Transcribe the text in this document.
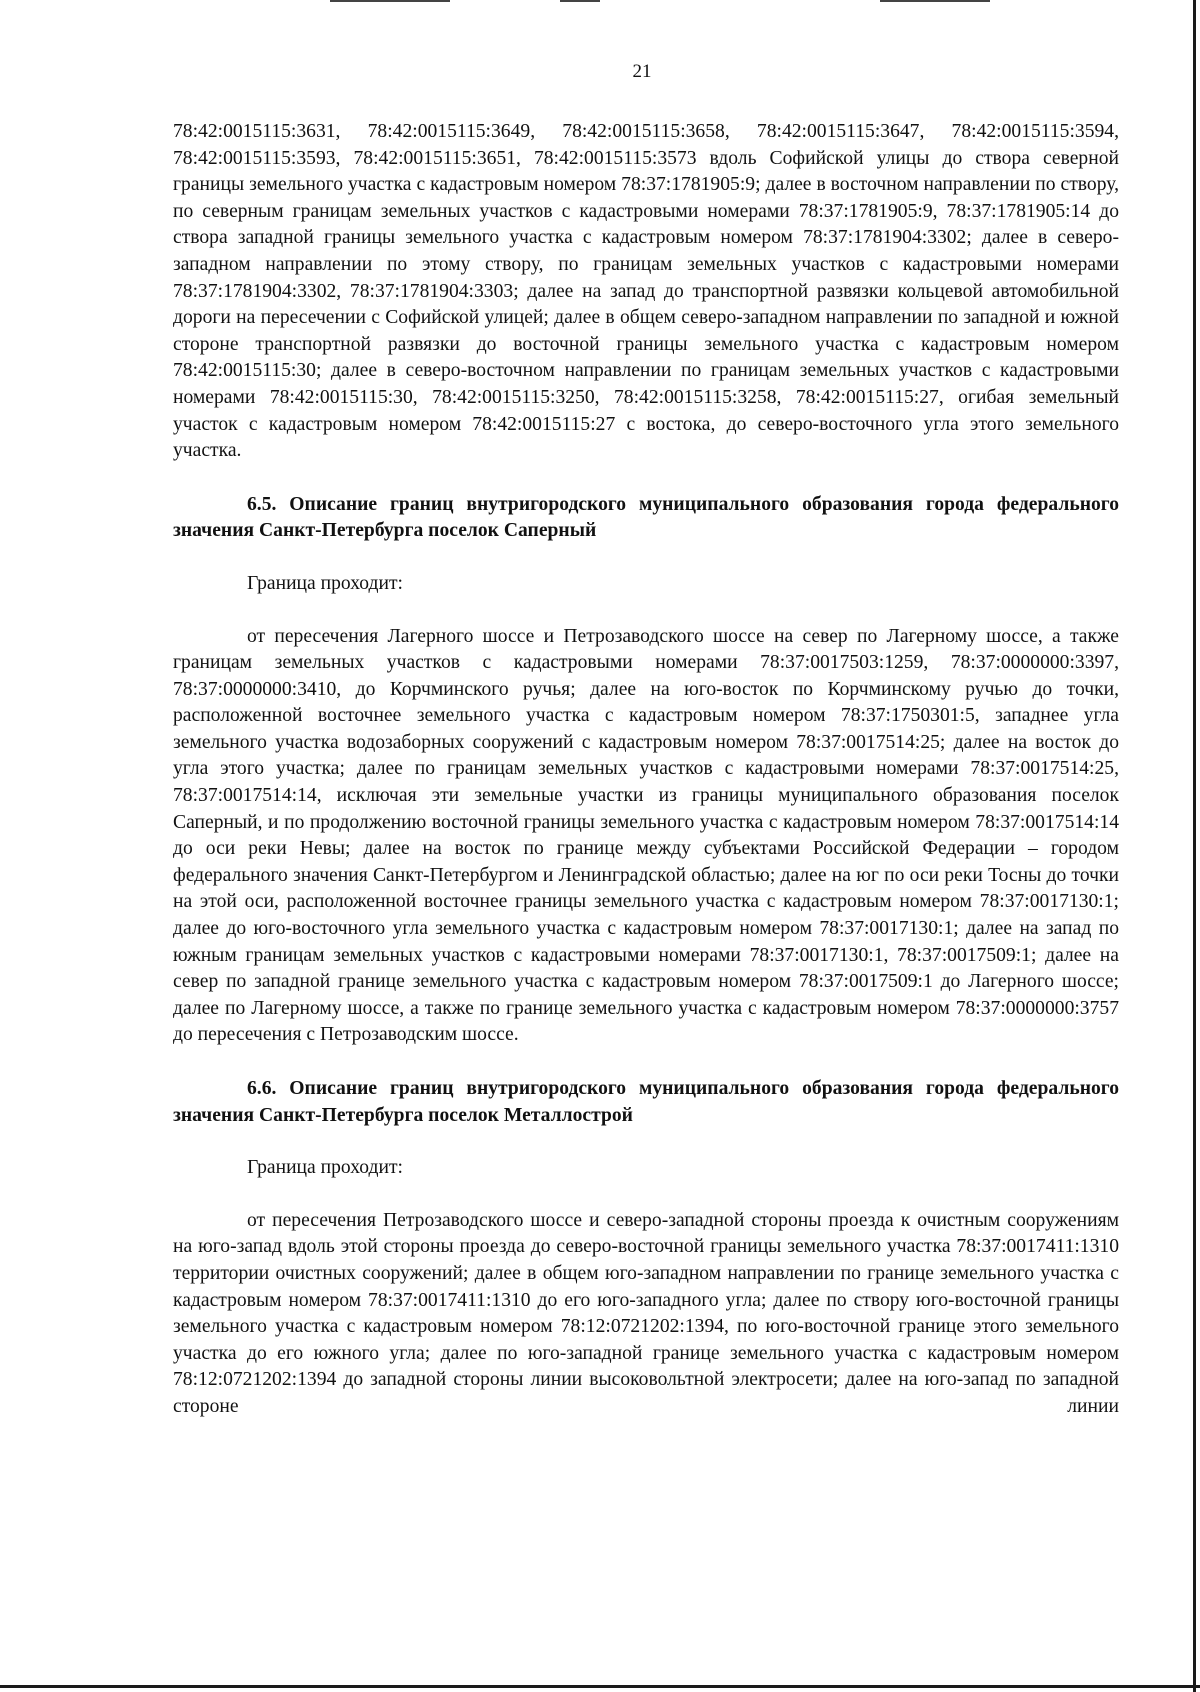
21

78:42:0015115:3631, 78:42:0015115:3649, 78:42:0015115:3658, 78:42:0015115:3647, 78:42:0015115:3594, 78:42:0015115:3593, 78:42:0015115:3651, 78:42:0015115:3573 вдоль Софийской улицы до створа северной границы земельного участка с кадастровым номером 78:37:1781905:9; далее в восточном направлении по створу, по северным границам земельных участков с кадастровыми номерами 78:37:1781905:9, 78:37:1781905:14 до створа западной границы земельного участка с кадастровым номером 78:37:1781904:3302; далее в северо-западном направлении по этому створу, по границам земельных участков с кадастровыми номерами 78:37:1781904:3302, 78:37:1781904:3303; далее на запад до транспортной развязки кольцевой автомобильной дороги на пересечении с Софийской улицей; далее в общем северо-западном направлении по западной и южной стороне транспортной развязки до восточной границы земельного участка с кадастровым номером 78:42:0015115:30; далее в северо-восточном направлении по границам земельных участков с кадастровыми номерами 78:42:0015115:30, 78:42:0015115:3250, 78:42:0015115:3258, 78:42:0015115:27, огибая земельный участок с кадастровым номером 78:42:0015115:27 с востока, до северо-восточного угла этого земельного участка.

6.5. Описание границ внутригородского муниципального образования города федерального значения Санкт-Петербурга поселок Саперный

Граница проходит:

от пересечения Лагерного шоссе и Петрозаводского шоссе на север по Лагерному шоссе, а также границам земельных участков с кадастровыми номерами 78:37:0017503:1259, 78:37:0000000:3397, 78:37:0000000:3410, до Корчминского ручья; далее на юго-восток по Корчминскому ручью до точки, расположенной восточнее земельного участка с кадастровым номером 78:37:1750301:5, западнее угла земельного участка водозаборных сооружений с кадастровым номером 78:37:0017514:25; далее на восток до угла этого участка; далее по границам земельных участков с кадастровыми номерами 78:37:0017514:25, 78:37:0017514:14, исключая эти земельные участки из границы муниципального образования поселок Саперный, и по продолжению восточной границы земельного участка с кадастровым номером 78:37:0017514:14 до оси реки Невы; далее на восток по границе между субъектами Российской Федерации – городом федерального значения Санкт-Петербургом и Ленинградской областью; далее на юг по оси реки Тосны до точки на этой оси, расположенной восточнее границы земельного участка с кадастровым номером 78:37:0017130:1; далее до юго-восточного угла земельного участка с кадастровым номером 78:37:0017130:1; далее на запад по южным границам земельных участков с кадастровыми номерами 78:37:0017130:1, 78:37:0017509:1; далее на север по западной границе земельного участка с кадастровым номером 78:37:0017509:1 до Лагерного шоссе; далее по Лагерному шоссе, а также по границе земельного участка с кадастровым номером 78:37:0000000:3757 до пересечения с Петрозаводским шоссе.

6.6. Описание границ внутригородского муниципального образования города федерального значения Санкт-Петербурга поселок Металлострой

Граница проходит:

от пересечения Петрозаводского шоссе и северо-западной стороны проезда к очистным сооружениям на юго-запад вдоль этой стороны проезда до северо-восточной границы земельного участка 78:37:0017411:1310 территории очистных сооружений; далее в общем юго-западном направлении по границе земельного участка с кадастровым номером 78:37:0017411:1310 до его юго-западного угла; далее по створу юго-восточной границы земельного участка с кадастровым номером 78:12:0721202:1394, по юго-восточной границе этого земельного участка до его южного угла; далее по юго-западной границе земельного участка с кадастровым номером 78:12:0721202:1394 до западной стороны линии высоковольтной электросети; далее на юго-запад по западной стороне линии
